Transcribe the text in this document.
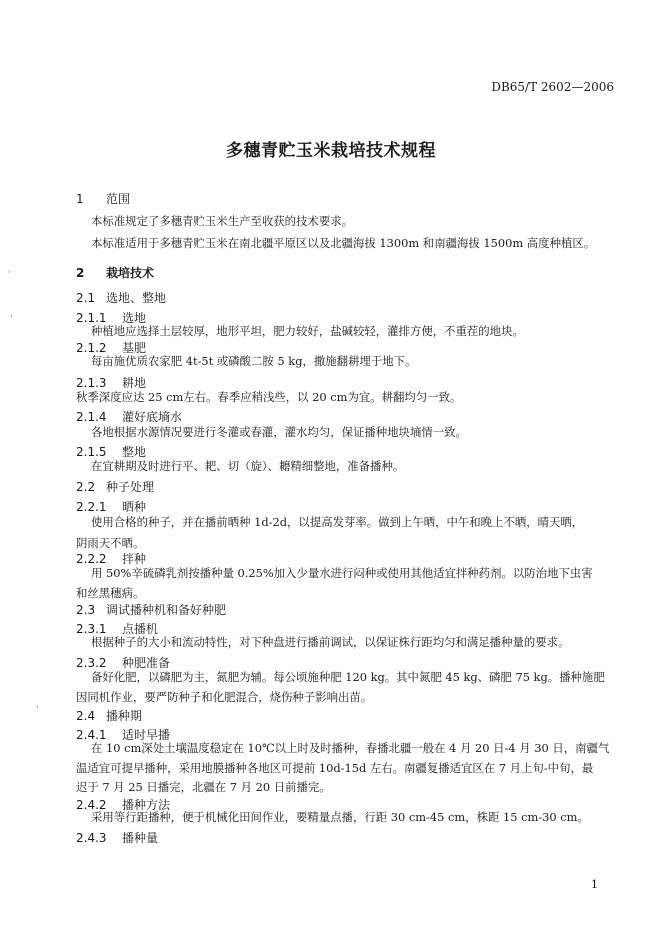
DB65/T 2602—2006
多穗青贮玉米栽培技术规程
·
·
·
1 范围
本标准规定了多穗青贮玉米生产至收获的技术要求。
本标准适用于多穗青贮玉米在南北疆平原区以及北疆海拔 1300m 和南疆海拔 1500m 高度种植区。
2 栽培技术
2.1 选地、整地
2.1.1 选地
种植地应选择土层较厚，地形平坦，肥力较好，盐碱较轻，灌排方便，不重茬的地块。
2.1.2 基肥
每亩施优质农家肥 4t-5t 或磷酸二胺 5 kg，撒施翻耕埋于地下。
2.1.3 耕地
秋季深度应达 25 cm左右。春季应稍浅些，以 20 cm为宜。耕翻均匀一致。
2.1.4 灌好底墒水
各地根据水源情况要进行冬灌或春灌，灌水均匀，保证播种地块墒情一致。
2.1.5 整地
在宜耕期及时进行平、耙、切（旋）、耱精细整地，准备播种。
2.2 种子处理
2.2.1 晒种
使用合格的种子，并在播前晒种 1d-2d，以提高发芽率。做到上午晒，中午和晚上不晒，晴天晒，
阴雨天不晒。
2.2.2 拌种
用 50%辛硫磷乳剂按播种量 0.25%加入少量水进行闷种或使用其他适宜拌种药剂。以防治地下虫害
和丝黑穗病。
2.3 调试播种机和备好种肥
2.3.1 点播机
根据种子的大小和流动特性，对下种盘进行播前调试，以保证株行距均匀和满足播种量的要求。
2.3.2 种肥准备
备好化肥，以磷肥为主，氮肥为辅。每公顷施种肥 120 kg。其中氮肥 45 kg、磷肥 75 kg。播种施肥
因同机作业，要严防种子和化肥混合，烧伤种子影响出苗。
2.4 播种期
2.4.1 适时早播
在 10 cm深处土壤温度稳定在 10℃以上时及时播种，春播北疆一般在 4 月 20 日-4 月 30 日，南疆气
温适宜可提早播种，采用地膜播种各地区可提前 10d-15d 左右。南疆复播适宜区在 7 月上旬-中旬，最
迟于 7 月 25 日播完，北疆在 7 月 20 日前播完。
2.4.2 播种方法
采用等行距播种，便于机械化田间作业，要精量点播，行距 30 cm-45 cm，株距 15 cm-30 cm。
2.4.3 播种量
1
